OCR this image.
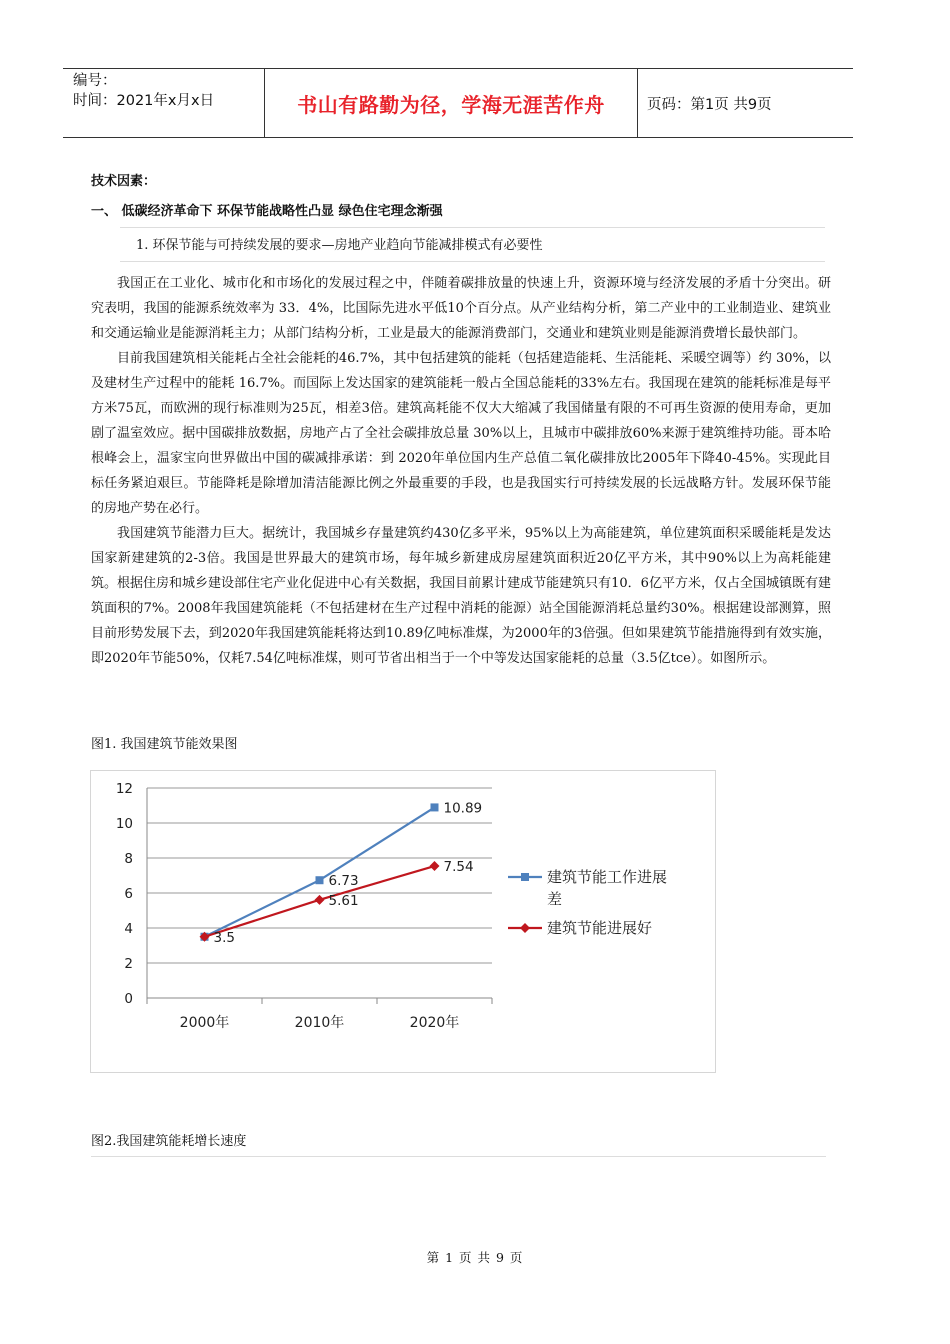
编号：
时间：2021年x月x日	书山有路勤为径，学海无涯苦作舟	页码：第1页 共9页
技术因素：
一、 低碳经济革命下 环保节能战略性凸显 绿色住宅理念渐强
1. 环保节能与可持续发展的要求—房地产业趋向节能减排模式有必要性

我国正在工业化、城市化和市场化的发展过程之中，伴随着碳排放量的快速上升，资源环境与经济发展的矛盾十分突出。研究表明，我国的能源系统效率为 33．4%，比国际先进水平低10个百分点。从产业结构分析，第二产业中的工业制造业、建筑业和交通运输业是能源消耗主力；从部门结构分析，工业是最大的能源消费部门，交通业和建筑业则是能源消费增长最快部门。

目前我国建筑相关能耗占全社会能耗的46.7%，其中包括建筑的能耗（包括建造能耗、生活能耗、采暖空调等）约 30%，以及建材生产过程中的能耗 16.7%。而国际上发达国家的建筑能耗一般占全国总能耗的33%左右。我国现在建筑的能耗标准是每平方米75瓦，而欧洲的现行标准则为25瓦，相差3倍。建筑高耗能不仅大大缩减了我国储量有限的不可再生资源的使用寿命，更加剧了温室效应。据中国碳排放数据，房地产占了全社会碳排放总量 30%以上，且城市中碳排放60%来源于建筑维持功能。哥本哈根峰会上，温家宝向世界做出中国的碳减排承诺：到 2020年单位国内生产总值二氧化碳排放比2005年下降40-45%。实现此目标任务紧迫艰巨。节能降耗是除增加清洁能源比例之外最重要的手段，也是我国实行可持续发展的长远战略方针。发展环保节能的房地产势在必行。

我国建筑节能潜力巨大。据统计，我国城乡存量建筑约430亿多平米，95%以上为高能建筑，单位建筑面积采暖能耗是发达国家新建建筑的2-3倍。我国是世界最大的建筑市场，每年城乡新建成房屋建筑面积近20亿平方米，其中90%以上为高耗能建筑。根据住房和城乡建设部住宅产业化促进中心有关数据，我国目前累计建成节能建筑只有10．6亿平方米，仅占全国城镇既有建筑面积的7%。2008年我国建筑能耗（不包括建材在生产过程中消耗的能源）站全国能源消耗总量约30%。根据建设部测算，照目前形势发展下去，到2020年我国建筑能耗将达到10.89亿吨标准煤，为2000年的3倍强。但如果建筑节能措施得到有效实施，即2020年节能50%，仅耗7.54亿吨标准煤，则可节省出相当于一个中等发达国家能耗的总量（3.5亿tce）。如图所示。

图1. 我国建筑节能效果图
0
2
4
6
8
10
12
2000年	2010年	2020年
6.73
10.89
3.5
5.61
7.54
建筑节能工作进展
差
建筑节能进展好
图2.我国建筑能耗增长速度
第 1 页 共 9 页
